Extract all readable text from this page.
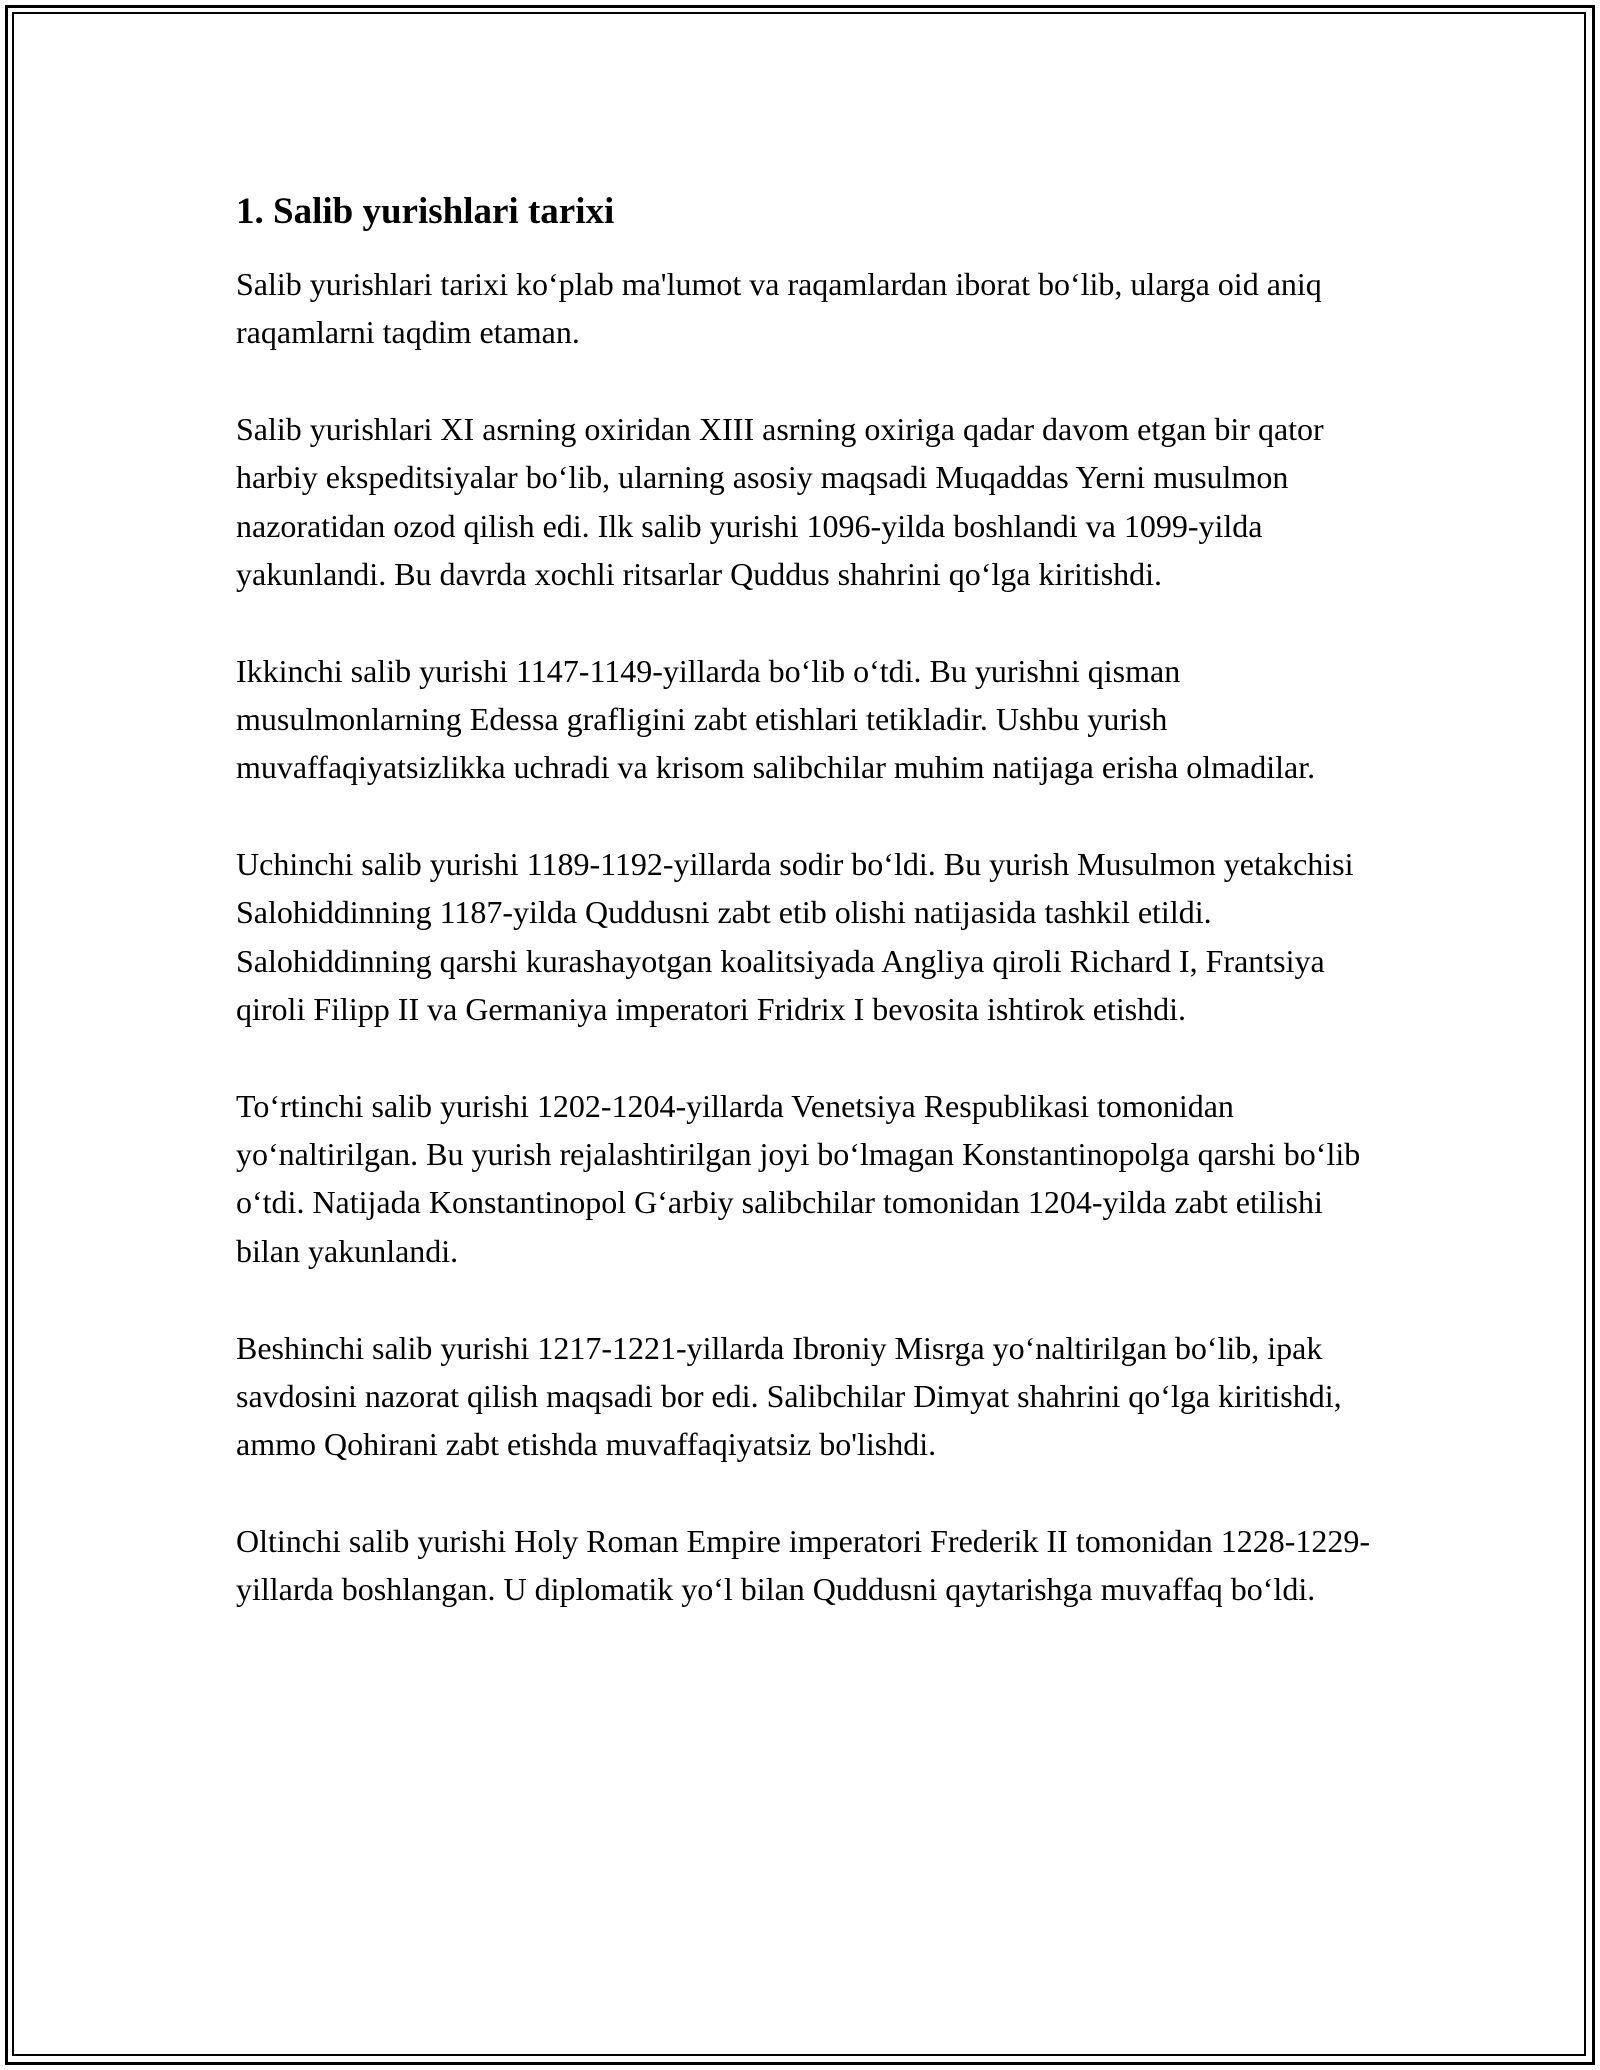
1. Salib yurishlari tarixi

Salib yurishlari tarixi ko‘plab ma'lumot va raqamlardan iborat bo‘lib, ularga oid aniq raqamlarni taqdim etaman.

Salib yurishlari XI asrning oxiridan XIII asrning oxiriga qadar davom etgan bir qator harbiy ekspeditsiyalar bo‘lib, ularning asosiy maqsadi Muqaddas Yerni musulmon nazoratidan ozod qilish edi. Ilk salib yurishi 1096-yilda boshlandi va 1099-yilda yakunlandi. Bu davrda xochli ritsarlar Quddus shahrini qo‘lga kiritishdi.

Ikkinchi salib yurishi 1147-1149-yillarda bo‘lib o‘tdi. Bu yurishni qisman musulmonlarning Edessa grafligini zabt etishlari tetikladir. Ushbu yurish muvaffaqiyatsizlikka uchradi va krisom salibchilar muhim natijaga erisha olmadilar.

Uchinchi salib yurishi 1189-1192-yillarda sodir bo‘ldi. Bu yurish Musulmon yetakchisi Salohiddinning 1187-yilda Quddusni zabt etib olishi natijasida tashkil etildi. Salohiddinning qarshi kurashayotgan koalitsiyada Angliya qiroli Richard I, Frantsiya qiroli Filipp II va Germaniya imperatori Fridrix I bevosita ishtirok etishdi.

To‘rtinchi salib yurishi 1202-1204-yillarda Venetsiya Respublikasi tomonidan yo‘naltirilgan. Bu yurish rejalashtirilgan joyi bo‘lmagan Konstantinopolga qarshi bo‘lib o‘tdi. Natijada Konstantinopol G‘arbiy salibchilar tomonidan 1204-yilda zabt etilishi bilan yakunlandi.

Beshinchi salib yurishi 1217-1221-yillarda Ibroniy Misrga yo‘naltirilgan bo‘lib, ipak savdosini nazorat qilish maqsadi bor edi. Salibchilar Dimyat shahrini qo‘lga kiritishdi, ammo Qohirani zabt etishda muvaffaqiyatsiz bo'lishdi.

Oltinchi salib yurishi Holy Roman Empire imperatori Frederik II tomonidan 1228-1229-yillarda boshlangan. U diplomatik yo‘l bilan Quddusni qaytarishga muvaffaq bo‘ldi.
